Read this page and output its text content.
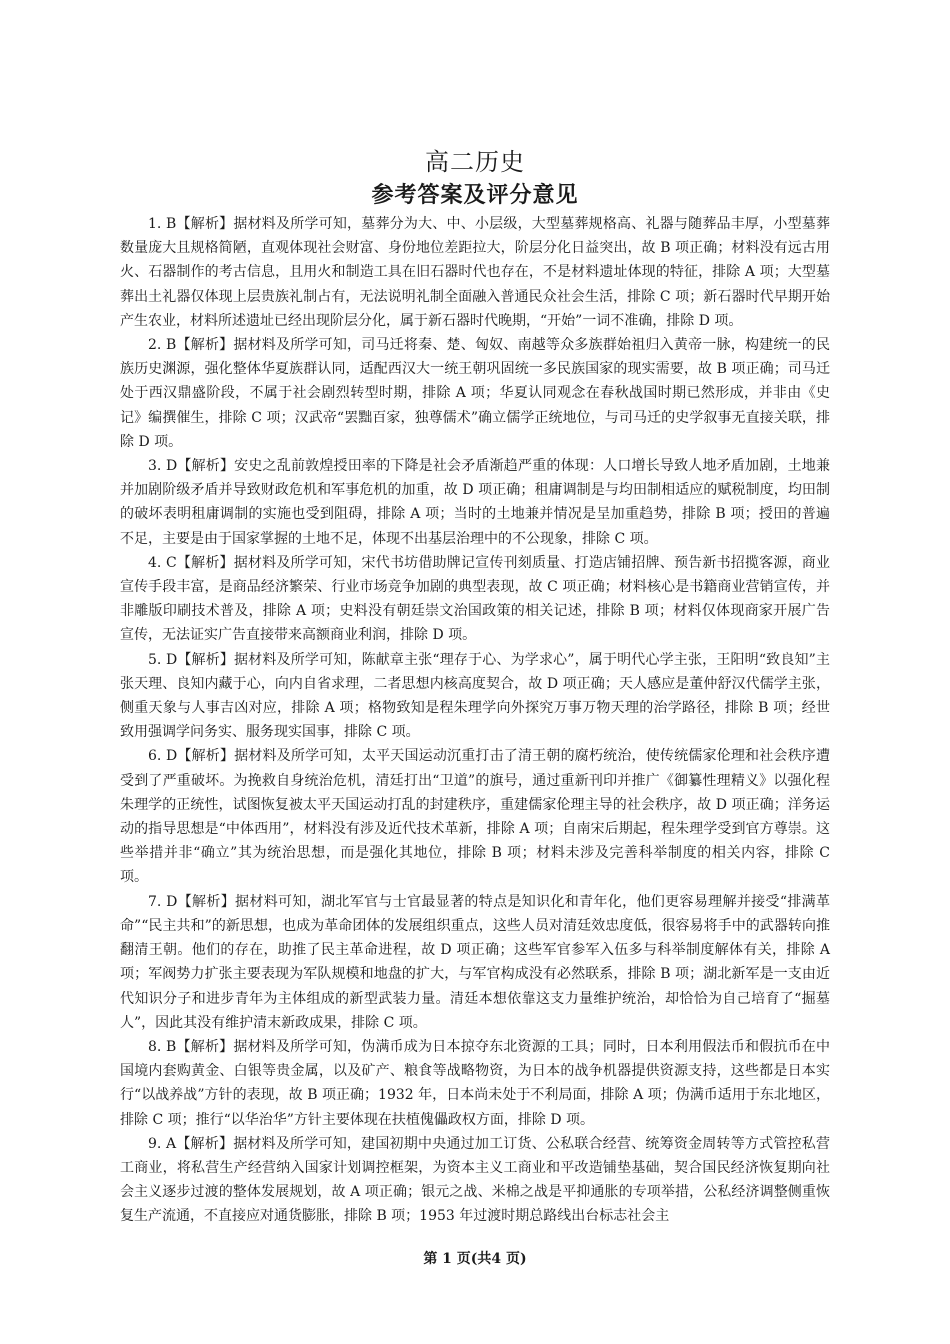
高二历史
参考答案及评分意见

1. B【解析】据材料及所学可知，墓葬分为大、中、小层级，大型墓葬规格高、礼器与随葬品丰厚，小型墓葬数量庞大且规格简陋，直观体现社会财富、身份地位差距拉大，阶层分化日益突出，故 B 项正确；材料没有远古用火、石器制作的考古信息，且用火和制造工具在旧石器时代也存在，不是材料遗址体现的特征，排除 A 项；大型墓葬出土礼器仅体现上层贵族礼制占有，无法说明礼制全面融入普通民众社会生活，排除 C 项；新石器时代早期开始产生农业，材料所述遗址已经出现阶层分化，属于新石器时代晚期，“开始”一词不准确，排除 D 项。

2. B【解析】据材料及所学可知，司马迁将秦、楚、匈奴、南越等众多族群始祖归入黄帝一脉，构建统一的民族历史渊源，强化整体华夏族群认同，适配西汉大一统王朝巩固统一多民族国家的现实需要，故 B 项正确；司马迁处于西汉鼎盛阶段，不属于社会剧烈转型时期，排除 A 项；华夏认同观念在春秋战国时期已然形成，并非由《史记》编撰催生，排除 C 项；汉武帝“罢黜百家，独尊儒术”确立儒学正统地位，与司马迁的史学叙事无直接关联，排除 D 项。

3. D【解析】安史之乱前敦煌授田率的下降是社会矛盾渐趋严重的体现：人口增长导致人地矛盾加剧，土地兼并加剧阶级矛盾并导致财政危机和军事危机的加重，故 D 项正确；租庸调制是与均田制相适应的赋税制度，均田制的破坏表明租庸调制的实施也受到阻碍，排除 A 项；当时的土地兼并情况是呈加重趋势，排除 B 项；授田的普遍不足，主要是由于国家掌握的土地不足，体现不出基层治理中的不公现象，排除 C 项。

4. C【解析】据材料及所学可知，宋代书坊借助牌记宣传刊刻质量、打造店铺招牌、预告新书招揽客源，商业宣传手段丰富，是商品经济繁荣、行业市场竞争加剧的典型表现，故 C 项正确；材料核心是书籍商业营销宣传，并非雕版印刷技术普及，排除 A 项；史料没有朝廷崇文治国政策的相关记述，排除 B 项；材料仅体现商家开展广告宣传，无法证实广告直接带来高额商业利润，排除 D 项。

5. D【解析】据材料及所学可知，陈献章主张“理存于心、为学求心”，属于明代心学主张，王阳明“致良知”主张天理、良知内藏于心，向内自省求理，二者思想内核高度契合，故 D 项正确；天人感应是董仲舒汉代儒学主张，侧重天象与人事吉凶对应，排除 A 项；格物致知是程朱理学向外探究万事万物天理的治学路径，排除 B 项；经世致用强调学问务实、服务现实国事，排除 C 项。

6. D【解析】据材料及所学可知，太平天国运动沉重打击了清王朝的腐朽统治，使传统儒家伦理和社会秩序遭受到了严重破坏。为挽救自身统治危机，清廷打出“卫道”的旗号，通过重新刊印并推广《御纂性理精义》以强化程朱理学的正统性，试图恢复被太平天国运动打乱的封建秩序，重建儒家伦理主导的社会秩序，故 D 项正确；洋务运动的指导思想是“中体西用”，材料没有涉及近代技术革新，排除 A 项；自南宋后期起，程朱理学受到官方尊崇。这些举措并非“确立”其为统治思想，而是强化其地位，排除 B 项；材料未涉及完善科举制度的相关内容，排除 C 项。

7. D【解析】据材料可知，湖北军官与士官最显著的特点是知识化和青年化，他们更容易理解并接受“排满革命”“民主共和”的新思想，也成为革命团体的发展组织重点，这些人员对清廷效忠度低，很容易将手中的武器转向推翻清王朝。他们的存在，助推了民主革命进程，故 D 项正确；这些军官参军入伍多与科举制度解体有关，排除 A 项；军阀势力扩张主要表现为军队规模和地盘的扩大，与军官构成没有必然联系，排除 B 项；湖北新军是一支由近代知识分子和进步青年为主体组成的新型武装力量。清廷本想依靠这支力量维护统治，却恰恰为自己培育了“掘墓人”，因此其没有维护清末新政成果，排除 C 项。

8. B【解析】据材料及所学可知，伪满币成为日本掠夺东北资源的工具；同时，日本利用假法币和假抗币在中国境内套购黄金、白银等贵金属，以及矿产、粮食等战略物资，为日本的战争机器提供资源支持，这些都是日本实行“以战养战”方针的表现，故 B 项正确；1932 年，日本尚未处于不利局面，排除 A 项；伪满币适用于东北地区，排除 C 项；推行“以华治华”方针主要体现在扶植傀儡政权方面，排除 D 项。

9. A【解析】据材料及所学可知，建国初期中央通过加工订货、公私联合经营、统筹资金周转等方式管控私营工商业，将私营生产经营纳入国家计划调控框架，为资本主义工商业和平改造铺垫基础，契合国民经济恢复期向社会主义逐步过渡的整体发展规划，故 A 项正确；银元之战、米棉之战是平抑通胀的专项举措，公私经济调整侧重恢复生产流通，不直接应对通货膨胀，排除 B 项；1953 年过渡时期总路线出台标志社会主

第 1 页(共4 页)
